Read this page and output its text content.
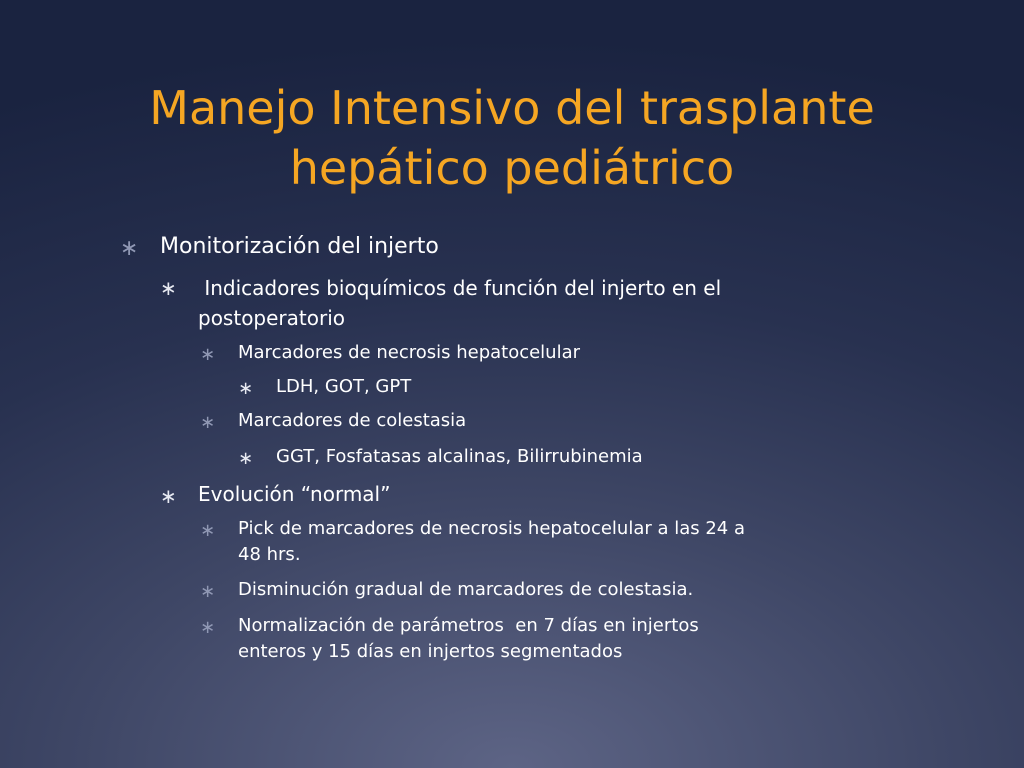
Manejo Intensivo del trasplante
hepático pediátrico
∗ Monitorización del injerto
∗ Indicadores bioquímicos de función del injerto en el
postoperatorio
∗ Marcadores de necrosis hepatocelular
∗ LDH, GOT, GPT
∗ Marcadores de colestasia
∗ GGT, Fosfatasas alcalinas, Bilirrubinemia
∗ Evolución “normal”
∗ Pick de marcadores de necrosis hepatocelular a las 24 a
48 hrs.
∗ Disminución gradual de marcadores de colestasia.
∗ Normalización de parámetros  en 7 días en injertos
enteros y 15 días en injertos segmentados
